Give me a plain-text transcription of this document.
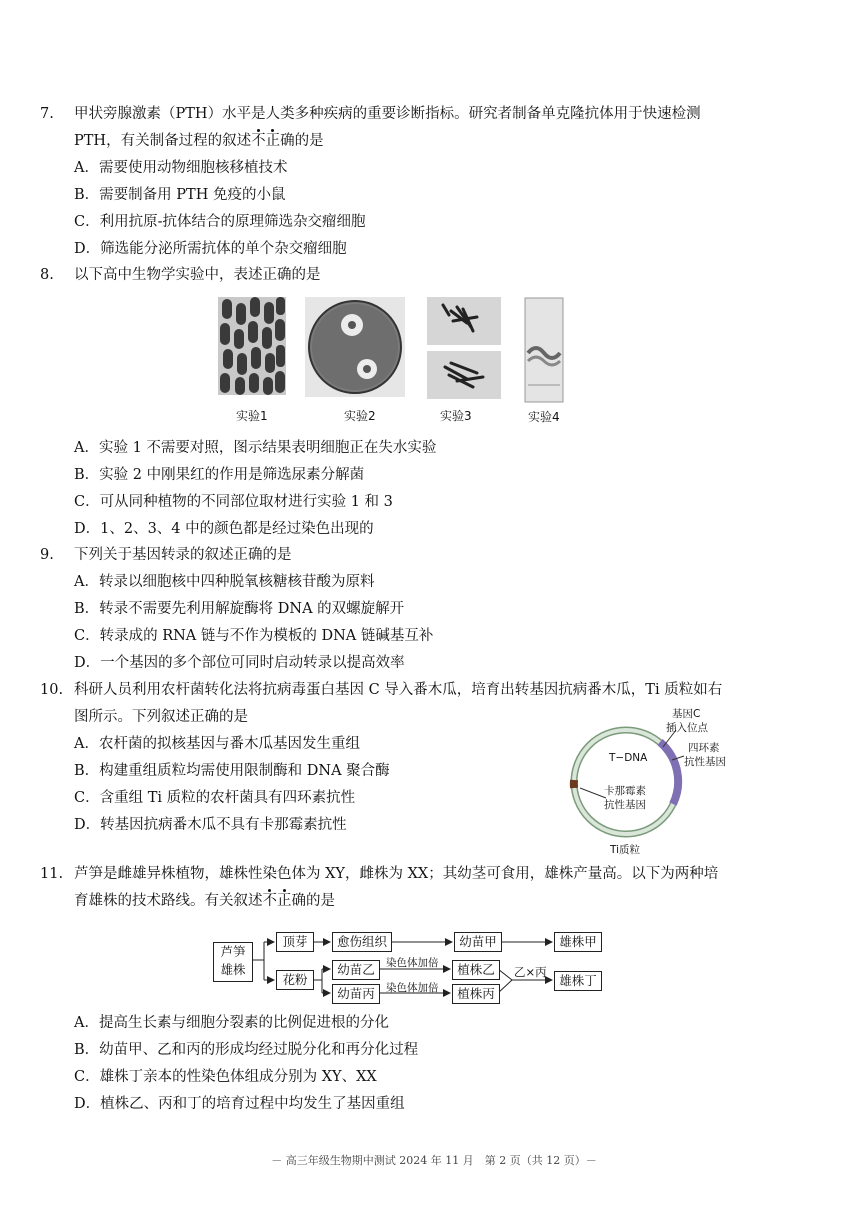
7. 甲状旁腺激素（PTH）水平是人类多种疾病的重要诊断指标。研究者制备单克隆抗体用于快速检测
PTH，有关制备过程的叙述不正确的是
A．需要使用动物细胞核移植技术
B．需要制备用 PTH 免疫的小鼠
C．利用抗原-抗体结合的原理筛选杂交瘤细胞
D．筛选能分泌所需抗体的单个杂交瘤细胞
8. 以下高中生物学实验中，表述正确的是
实验1	实验2	实验3	实验4
A．实验 1 不需要对照，图示结果表明细胞正在失水实验
B．实验 2 中刚果红的作用是筛选尿素分解菌
C．可从同种植物的不同部位取材进行实验 1 和 3
D．1、2、3、4 中的颜色都是经过染色出现的
9. 下列关于基因转录的叙述正确的是
A．转录以细胞核中四种脱氧核糖核苷酸为原料
B．转录不需要先利用解旋酶将 DNA 的双螺旋解开
C．转录成的 RNA 链与不作为模板的 DNA 链碱基互补
D．一个基因的多个部位可同时启动转录以提高效率
10. 科研人员利用农杆菌转化法将抗病毒蛋白基因 C 导入番木瓜，培育出转基因抗病番木瓜，Ti 质粒如右
图所示。下列叙述正确的是
A．农杆菌的拟核基因与番木瓜基因发生重组
B．构建重组质粒均需使用限制酶和 DNA 聚合酶
C．含重组 Ti 质粒的农杆菌具有四环素抗性
D．转基因抗病番木瓜不具有卡那霉素抗性
基因C
插入位点
T−DNA
四环素
抗性基因
卡那霉素
抗性基因
Ti质粒
11. 芦笋是雌雄异株植物，雄株性染色体为 XY，雌株为 XX；其幼茎可食用，雄株产量高。以下为两种培
育雄株的技术路线。有关叙述不正确的是
芦笋
雄株
顶芽	愈伤组织	幼苗甲	雄株甲
花粉
幼苗乙
幼苗丙
染色体加倍
染色体加倍
植株乙
植株丙
乙×丙
雄株丁
A．提高生长素与细胞分裂素的比例促进根的分化
B．幼苗甲、乙和丙的形成均经过脱分化和再分化过程
C．雄株丁亲本的性染色体组成分别为 XY、XX
D．植株乙、丙和丁的培育过程中均发生了基因重组
－ 高三年级生物期中测试 2024 年 11 月　第 2 页（共 12 页）－
